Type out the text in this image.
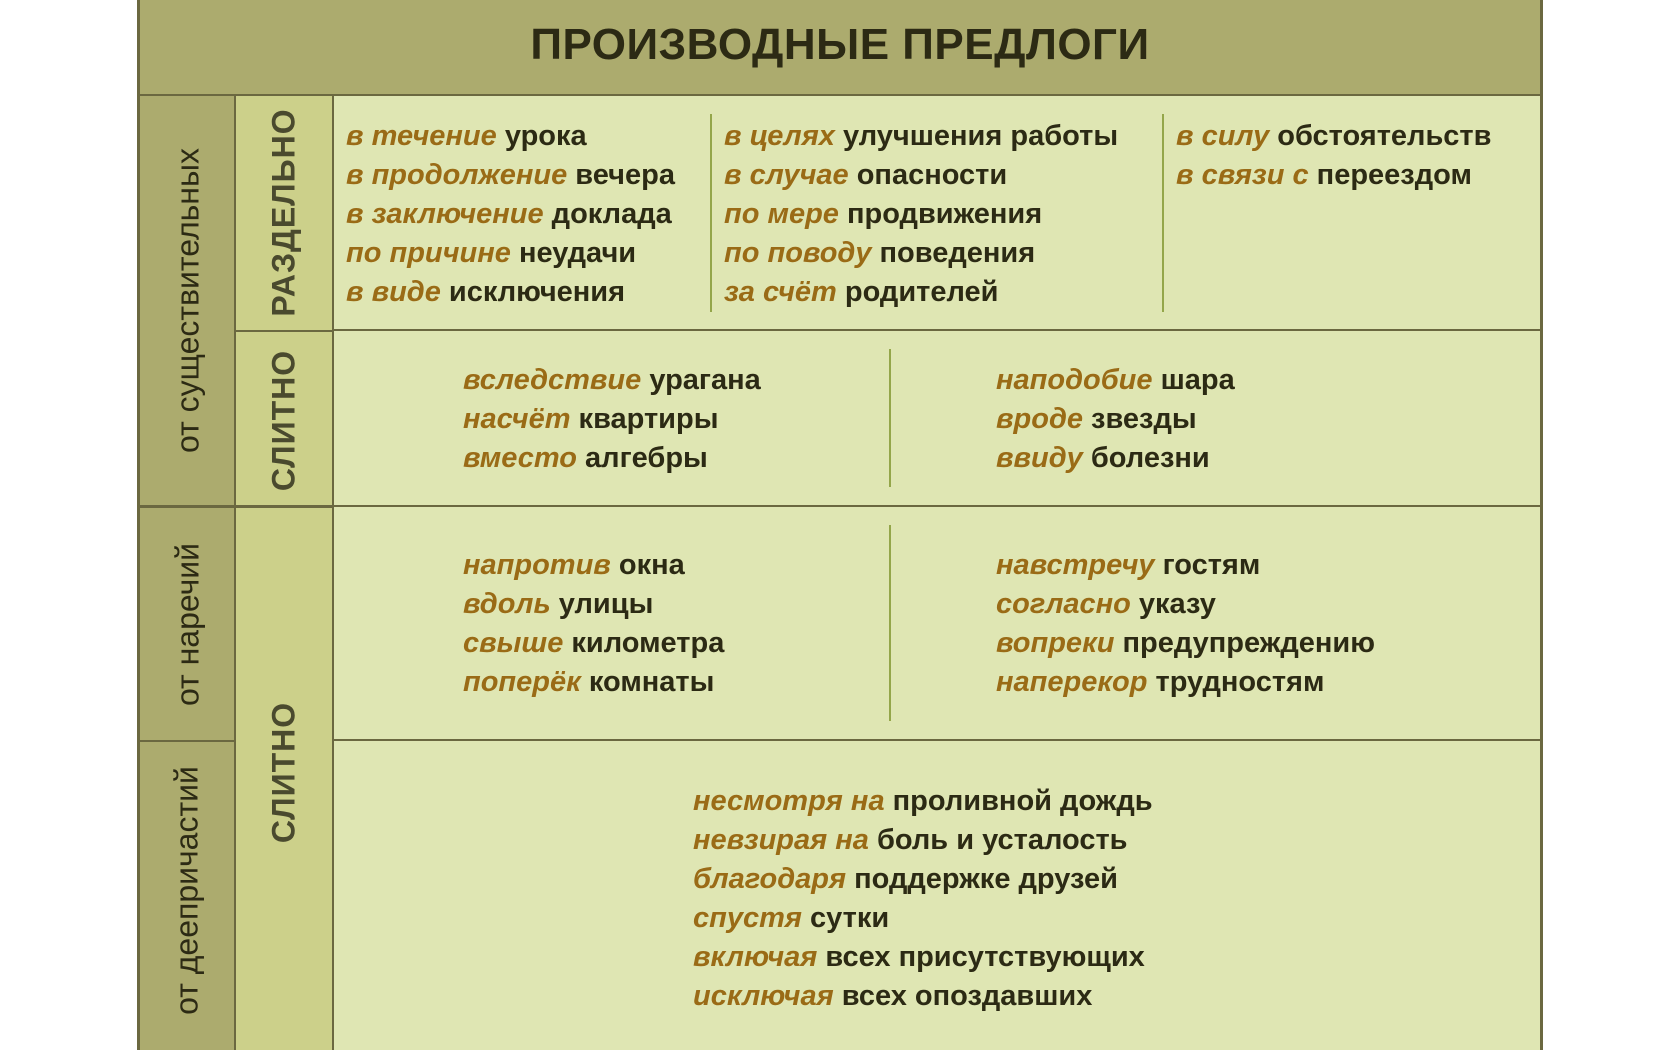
ПРОИЗВОДНЫЕ ПРЕДЛОГИ
от существительных
от наречий
от деепричастий
РАЗДЕЛЬНО
СЛИТНО
СЛИТНО
в течение урока
в продолжение вечера
в заключение доклада
по причине неудачи
в виде исключения
в целях улучшения работы
в случае опасности
по мере продвижения
по поводу поведения
за счёт родителей
в силу обстоятельств
в связи с переездом
вследствие урагана
насчёт квартиры
вместо алгебры
наподобие шара
вроде звезды
ввиду болезни
напротив окна
вдоль улицы
свыше километра
поперёк комнаты
навстречу гостям
согласно указу
вопреки предупреждению
наперекор трудностям
несмотря на проливной дождь
невзирая на боль и усталость
благодаря поддержке друзей
спустя сутки
включая всех присутствующих
исключая всех опоздавших
